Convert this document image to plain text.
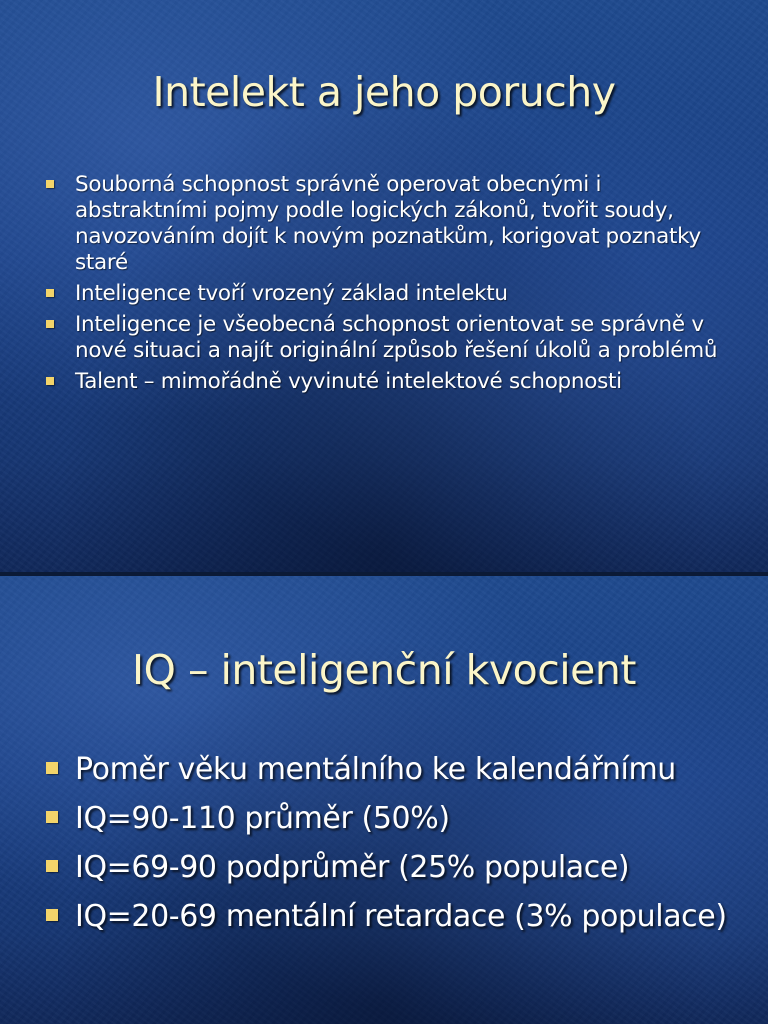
Intelekt a jeho poruchy
Souborná schopnost správně operovat obecnými i abstraktními pojmy podle logických zákonů, tvořit soudy, navozováním dojít k novým poznatkům, korigovat poznatky staré
Inteligence tvoří vrozený základ intelektu
Inteligence je všeobecná schopnost orientovat se správně v nové situaci a najít originální způsob řešení úkolů a problémů
Talent – mimořádně vyvinuté intelektové schopnosti
IQ – inteligenční kvocient
Poměr věku mentálního ke kalendářnímu
IQ=90-110 průměr (50%)
IQ=69-90 podprůměr (25% populace)
IQ=20-69 mentální retardace (3% populace)
